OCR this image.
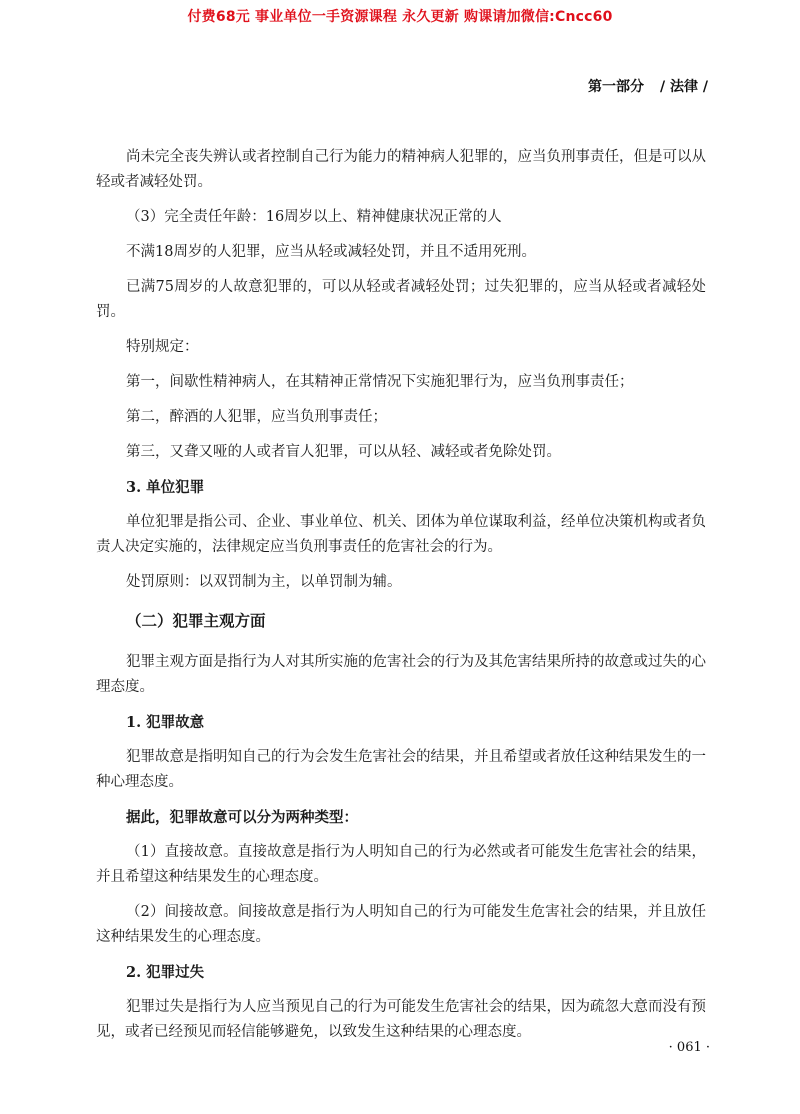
付费68元 事业单位一手资源课程 永久更新 购课请加微信:Cncc60
第一部分 / 法律 /

尚未完全丧失辨认或者控制自己行为能力的精神病人犯罪的，应当负刑事责任，但是可以从轻或者减轻处罚。

（3）完全责任年龄：16周岁以上、精神健康状况正常的人

不满18周岁的人犯罪，应当从轻或减轻处罚，并且不适用死刑。

已满75周岁的人故意犯罪的，可以从轻或者减轻处罚；过失犯罪的，应当从轻或者减轻处罚。

特别规定：

第一，间歇性精神病人，在其精神正常情况下实施犯罪行为，应当负刑事责任；

第二，醉酒的人犯罪，应当负刑事责任；

第三，又聋又哑的人或者盲人犯罪，可以从轻、减轻或者免除处罚。

3. 单位犯罪

单位犯罪是指公司、企业、事业单位、机关、团体为单位谋取利益，经单位决策机构或者负责人决定实施的，法律规定应当负刑事责任的危害社会的行为。

处罚原则：以双罚制为主，以单罚制为辅。

（二）犯罪主观方面

犯罪主观方面是指行为人对其所实施的危害社会的行为及其危害结果所持的故意或过失的心理态度。

1. 犯罪故意

犯罪故意是指明知自己的行为会发生危害社会的结果，并且希望或者放任这种结果发生的一种心理态度。

据此，犯罪故意可以分为两种类型：

（1）直接故意。直接故意是指行为人明知自己的行为必然或者可能发生危害社会的结果，并且希望这种结果发生的心理态度。

（2）间接故意。间接故意是指行为人明知自己的行为可能发生危害社会的结果，并且放任这种结果发生的心理态度。

2. 犯罪过失

犯罪过失是指行为人应当预见自己的行为可能发生危害社会的结果，因为疏忽大意而没有预见，或者已经预见而轻信能够避免，以致发生这种结果的心理态度。

· 061 ·
